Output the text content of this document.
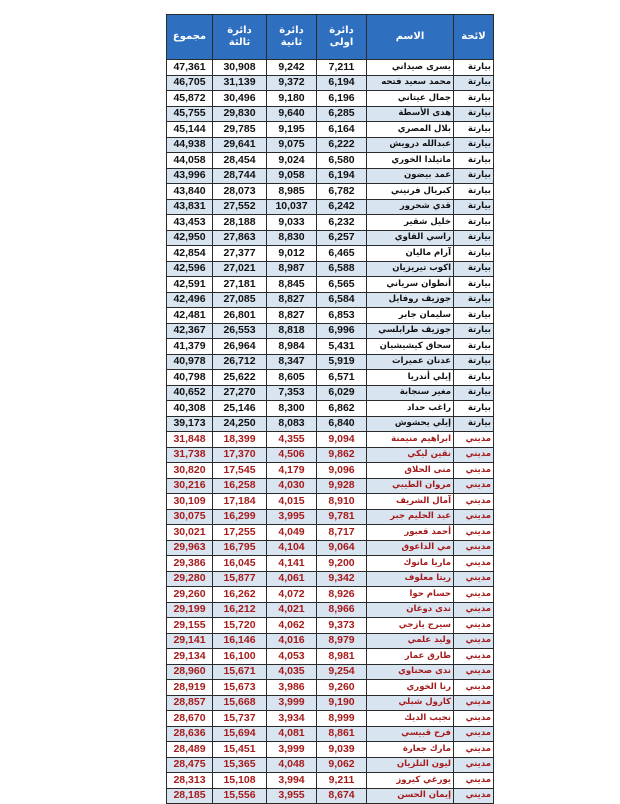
مجموع	دائرة ثالثة	دائرة ثانية	دائرة اولى	الاسم	لائحة
47,361	30,908	9,242	7,211	يسرى صيداني	بيارتة
46,705	31,139	9,372	6,194	محمد سعيد فتحه	بيارتة
45,872	30,496	9,180	6,196	جمال عيتاني	بيارتة
45,755	29,830	9,640	6,285	هدى الأسطة	بيارتة
45,144	29,785	9,195	6,164	بلال المصري	بيارتة
44,938	29,641	9,075	6,222	عبدالله درويش	بيارتة
44,058	28,454	9,024	6,580	ماتيلدا الخوري	بيارتة
43,996	28,744	9,058	6,194	عمد بيضون	بيارتة
43,840	28,073	8,985	6,782	كبريال فرنيني	بيارتة
43,831	27,552	10,037	6,242	قدي شحرور	بيارتة
43,453	28,188	9,033	6,232	خليل شقير	بيارتة
42,950	27,863	8,830	6,257	راسي القاوي	بيارتة
42,854	27,377	9,012	6,465	آرام ماليان	بيارتة
42,596	27,021	8,987	6,588	اكوب تيريزيان	بيارتة
42,591	27,181	8,845	6,565	أنطوان سرياني	بيارتة
42,496	27,085	8,827	6,584	جوزيف روفايل	بيارتة
42,481	26,801	8,827	6,853	سليمان جابر	بيارتة
42,367	26,553	8,818	6,996	جوزيف طرابلسي	بيارتة
41,379	26,964	8,984	5,431	سحاق كيشيشيان	بيارتة
40,978	26,712	8,347	5,919	عدنان عميرات	بيارتة
40,798	25,622	8,605	6,571	إيلي أندريا	بيارتة
40,652	27,270	7,353	6,029	مغير سنجابة	بيارتة
40,308	25,146	8,300	6,862	راغب حداد	بيارتة
39,173	24,250	8,083	6,840	إيلي يحشوش	بيارتة
31,848	18,399	4,355	9,094	ابراهيم منيمنة	مديني
31,738	17,370	4,506	9,862	نقين ليكي	مديني
30,820	17,545	4,179	9,096	منى الحلاق	مديني
30,216	16,258	4,030	9,928	مروان الطيبي	مديني
30,109	17,184	4,015	8,910	آمال الشريف	مديني
30,075	16,299	3,995	9,781	عبد الحليم جبر	مديني
30,021	17,255	4,049	8,717	أحمد قعبور	مديني
29,963	16,795	4,104	9,064	مي الداعوق	مديني
29,386	16,045	4,141	9,200	ماريا مانوك	مديني
29,280	15,877	4,061	9,342	ريتا معلوف	مديني
29,260	16,262	4,072	8,926	حسام حوا	مديني
29,199	16,212	4,021	8,966	ندى دوغان	مديني
29,155	15,720	4,062	9,373	سيرج يازجي	مديني
29,141	16,146	4,016	8,979	وليد علمي	مديني
29,134	16,100	4,053	8,981	طارق عمار	مديني
28,960	15,671	4,035	9,254	ندى صحناوي	مديني
28,919	15,673	3,986	9,260	رنا الخوري	مديني
28,857	15,668	3,999	9,190	كارول شبلي	مديني
28,670	15,737	3,934	8,999	نجيب الديك	مديني
28,636	15,694	4,081	8,861	فرح قبيسي	مديني
28,489	15,451	3,999	9,039	مارك جعارة	مديني
28,475	15,365	4,048	9,062	ليون التلزيان	مديني
28,313	15,108	3,994	9,211	يورغي كيروز	مديني
28,185	15,556	3,955	8,674	إيمان الحسن	مديني
